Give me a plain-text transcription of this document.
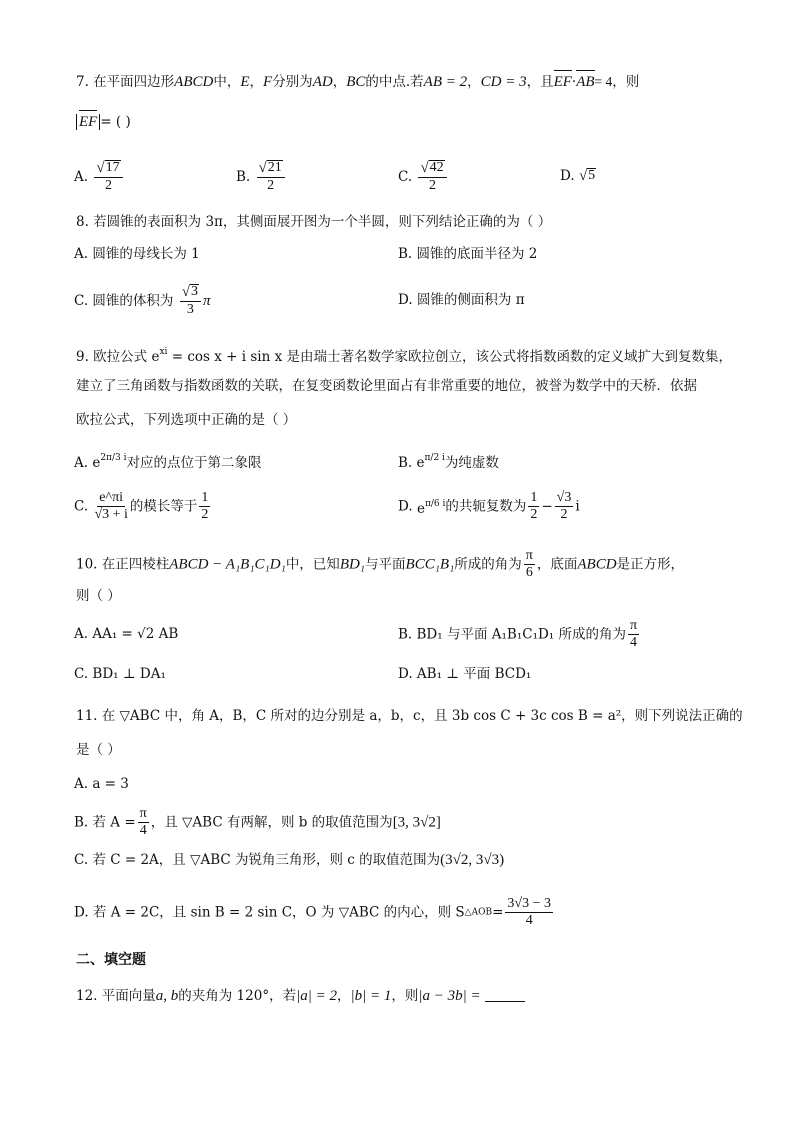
7. 在平面四边形ABCD中，E，F分别为AD，BC的中点.若AB = 2，CD = 3，且EF·AB= 4，则
EF = ( )
A. $\frac{√ 17}{2}$	B. $\frac{√ 21}{2}$	C. $\frac{√ 42}{2}$	D. √ 5
8. 若圆锥的表面积为 3π，其侧面展开图为一个半圆，则下列结论正确的为（ ）
A. 圆锥的母线长为 1	B. 圆锥的底面半径为 2
C. 圆锥的体积为 $\frac{√ 3}{3}$ π	D. 圆锥的侧面积为 π
9. 欧拉公式 $e^{xi} = \cos x + i$ sin x 是由瑞士著名数学家欧拉创立，该公式将指数函数的定义域扩大到复数集，
建立了三角函数与指数函数的关联，在复变函数论里面占有非常重要的地位，被誉为数学中的天桥．依据
欧拉公式，下列选项中正确的是（ ）
A. $e^{2\pi/3 i}$对应的点位于第二象限	B. $e^{\pi/2 i}$为纯虚数
C. $\frac{e\^{}\pi i}{√3 + i}$ 的模长等于 $\frac{1}{2}$	D. $e^{\pi/6 i}$的共轭复数为 $\frac{1}{2} - \frac{√3}{2}$ i
10. 在正四棱柱ABCD − A₁B₁C₁D₁中，已知BD₁与平面BCC₁B₁所成的角为 $\frac{\pi}{6}$ ，底面ABCD是正方形，
则（ ）
A. AA₁ = √2 AB	B. BD₁ 与平面 A₁B₁C₁D₁ 所成的角为 $\frac{\pi}{4}$
C. BD₁ ⊥ DA₁	D. AB₁ ⊥ 平面 BCD₁
11. 在 ▽ABC 中，角 A，B，C 所对的边分别是 a，b，c，且 3b cos C + 3c cos B = a²，则下列说法正确的
是（ ）
A. a = 3
B. 若 $A = \frac{\pi}{4}$ ，且 ▽ABC 有两解，则 b 的取值范围为[3, 3√2]
C. 若 C = 2A，且 ▽ABC 为锐角三角形，则 c 的取值范围为(3√2, 3√3)
D. 若 A = 2C，且 sin B = 2 sin C，O 为 ▽ABC 的内心，则 S△AOB= $\frac{3√3 - 3}{4}$
二、填空题
12. 平面向量a, b的夹角为 120°，若|a| = 2，|b| = 1，则|a − 3b| =
